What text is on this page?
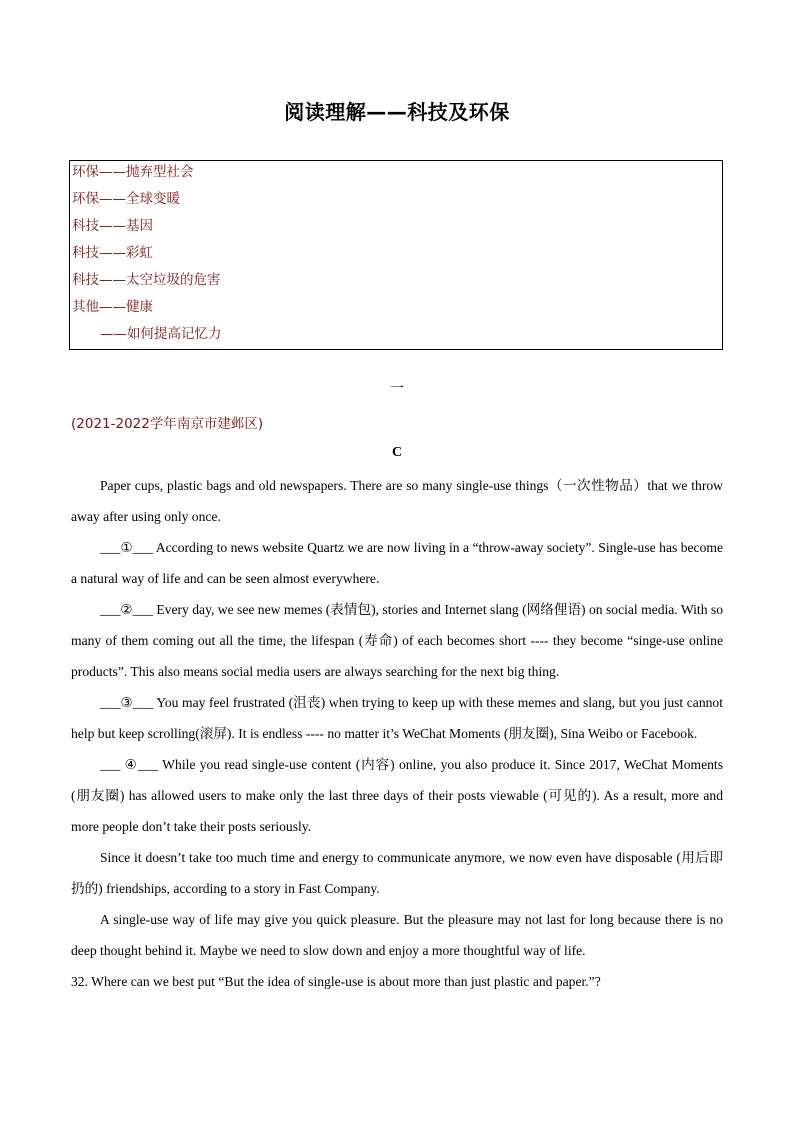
阅读理解——科技及环保
环保——抛弃型社会
环保——全球变暖
科技——基因
科技——彩虹
科技——太空垃圾的危害
其他——健康
——如何提高记忆力
一
(2021-2022学年南京市建邺区)
C

Paper cups, plastic bags and old newspapers. There are so many single-use things（一次性物品）that we throw away after using only once.

___①___ According to news website Quartz we are now living in a “throw-away society”. Single-use has become a natural way of life and can be seen almost everywhere.

___②___ Every day, we see new memes (表情包), stories and Internet slang (网络俚语) on social media. With so many of them coming out all the time, the lifespan (寿命) of each becomes short ---- they become “singe-use online products”. This also means social media users are always searching for the next big thing.

___③___ You may feel frustrated (沮丧) when trying to keep up with these memes and slang, but you just cannot help but keep scrolling(滚屏). It is endless ---- no matter it’s WeChat Moments (朋友圈), Sina Weibo or Facebook.

___ ④___ While you read single-use content (内容) online, you also produce it. Since 2017, WeChat Moments (朋友圈) has allowed users to make only the last three days of their posts viewable (可见的). As a result, more and more people don’t take their posts seriously.

Since it doesn’t take too much time and energy to communicate anymore, we now even have disposable (用后即扔的) friendships, according to a story in Fast Company.

A single-use way of life may give you quick pleasure. But the pleasure may not last for long because there is no deep thought behind it. Maybe we need to slow down and enjoy a more thoughtful way of life.

32. Where can we best put “But the idea of single-use is about more than just plastic and paper.”?
